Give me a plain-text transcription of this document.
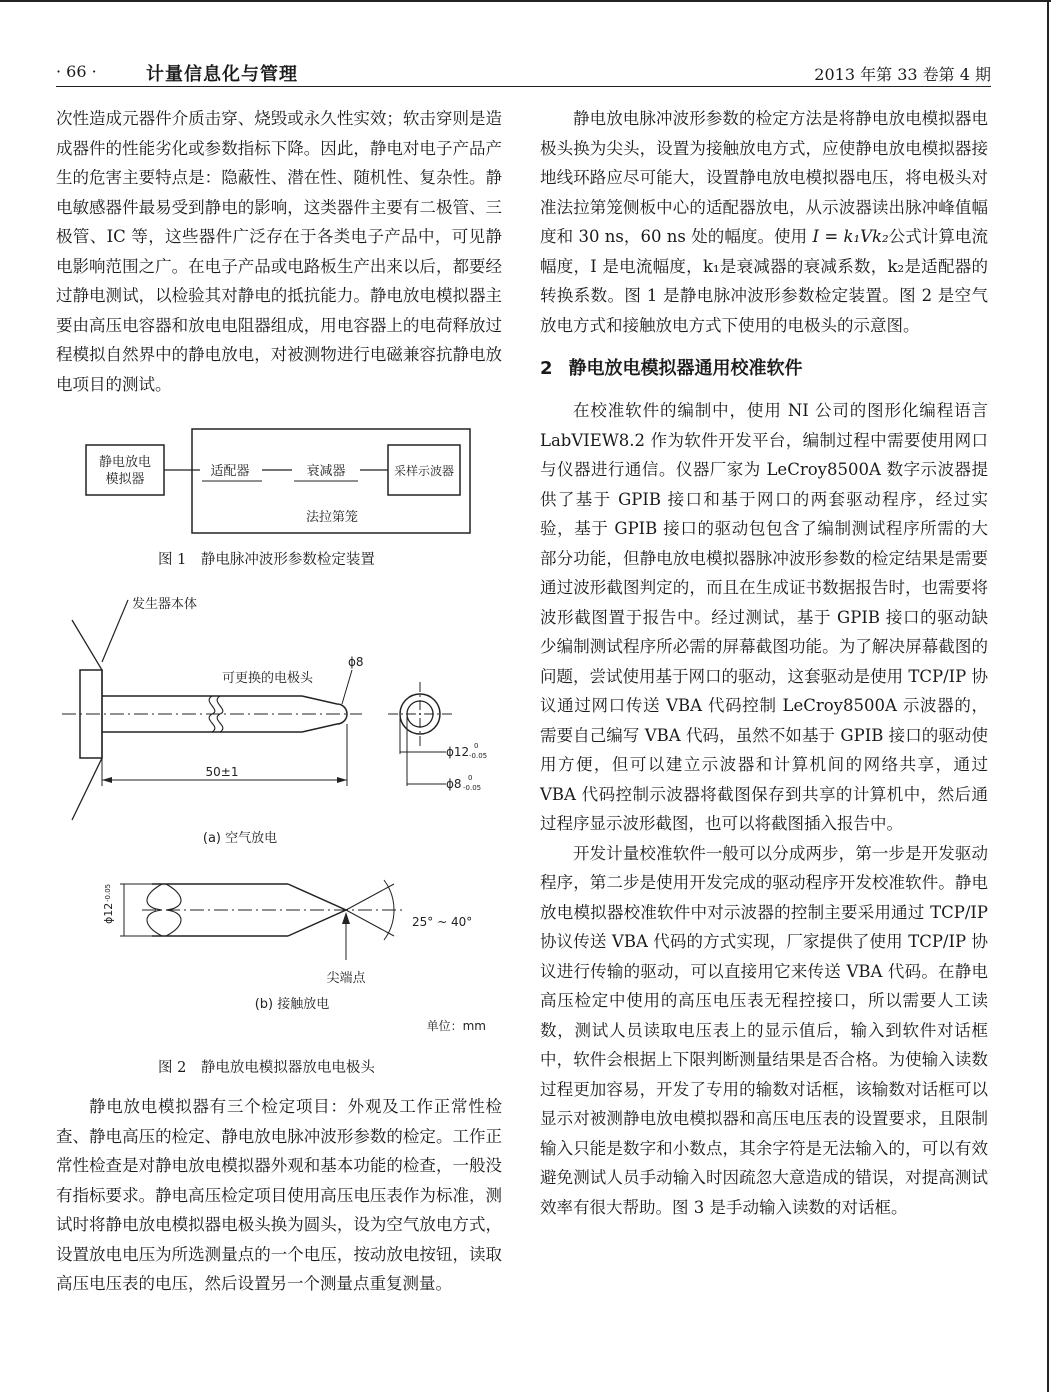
· 66 ·	计量信息化与管理	2013 年第 33 卷第 4 期

次性造成元器件介质击穿、烧毁或永久性实效；软击穿则是造成器件的性能劣化或参数指标下降。因此，静电对电子产品产生的危害主要特点是：隐蔽性、潜在性、随机性、复杂性。静电敏感器件最易受到静电的影响，这类器件主要有二极管、三极管、IC 等，这些器件广泛存在于各类电子产品中，可见静电影响范围之广。在电子产品或电路板生产出来以后，都要经过静电测试，以检验其对静电的抵抗能力。静电放电模拟器主要由高压电容器和放电电阻器组成，用电容器上的电荷释放过程模拟自然界中的静电放电，对被测物进行电磁兼容抗静电放电项目的测试。

静电放电
模拟器
适配器	衰减器	采样示波器
法拉第笼
图 1　静电脉冲波形参数检定装置
发生器本体
可更换的电极头
ϕ8
50±1
ϕ12 0
-0.05
ϕ8 0
-0.05
(a) 空气放电
ϕ12
-0.05
25° ~ 40°
尖端点
(b) 接触放电
单位：mm
图 2　静电放电模拟器放电电极头

静电放电模拟器有三个检定项目：外观及工作正常性检查、静电高压的检定、静电放电脉冲波形参数的检定。工作正常性检查是对静电放电模拟器外观和基本功能的检查，一般没有指标要求。静电高压检定项目使用高压电压表作为标准，测试时将静电放电模拟器电极头换为圆头，设为空气放电方式，设置放电电压为所选测量点的一个电压，按动放电按钮，读取高压电压表的电压，然后设置另一个测量点重复测量。

静电放电脉冲波形参数的检定方法是将静电放电模拟器电极头换为尖头，设置为接触放电方式，应使静电放电模拟器接地线环路应尽可能大，设置静电放电模拟器电压，将电极头对准法拉第笼侧板中心的适配器放电，从示波器读出脉冲峰值幅度和 30 ns，60 ns 处的幅度。使用 I = k₁Vk₂公式计算电流幅度，I 是电流幅度，k₁是衰减器的衰减系数，k₂是适配器的转换系数。图 1 是静电脉冲波形参数检定装置。图 2 是空气放电方式和接触放电方式下使用的电极头的示意图。

2 静电放电模拟器通用校准软件

在校准软件的编制中，使用 NI 公司的图形化编程语言 LabVIEW8.2 作为软件开发平台，编制过程中需要使用网口与仪器进行通信。仪器厂家为 LeCroy8500A 数字示波器提供了基于 GPIB 接口和基于网口的两套驱动程序，经过实验，基于 GPIB 接口的驱动包包含了编制测试程序所需的大部分功能，但静电放电模拟器脉冲波形参数的检定结果是需要通过波形截图判定的，而且在生成证书数据报告时，也需要将波形截图置于报告中。经过测试，基于 GPIB 接口的驱动缺少编制测试程序所必需的屏幕截图功能。为了解决屏幕截图的问题，尝试使用基于网口的驱动，这套驱动是使用 TCP/IP 协议通过网口传送 VBA 代码控制 LeCroy8500A 示波器的，需要自己编写 VBA 代码，虽然不如基于 GPIB 接口的驱动使用方便，但可以建立示波器和计算机间的网络共享，通过 VBA 代码控制示波器将截图保存到共享的计算机中，然后通过程序显示波形截图，也可以将截图插入报告中。

开发计量校准软件一般可以分成两步，第一步是开发驱动程序，第二步是使用开发完成的驱动程序开发校准软件。静电放电模拟器校准软件中对示波器的控制主要采用通过 TCP/IP 协议传送 VBA 代码的方式实现，厂家提供了使用 TCP/IP 协议进行传输的驱动，可以直接用它来传送 VBA 代码。在静电高压检定中使用的高压电压表无程控接口，所以需要人工读数，测试人员读取电压表上的显示值后，输入到软件对话框中，软件会根据上下限判断测量结果是否合格。为使输入读数过程更加容易，开发了专用的输数对话框，该输数对话框可以显示对被测静电放电模拟器和高压电压表的设置要求，且限制输入只能是数字和小数点，其余字符是无法输入的，可以有效避免测试人员手动输入时因疏忽大意造成的错误，对提高测试效率有很大帮助。图 3 是手动输入读数的对话框。
